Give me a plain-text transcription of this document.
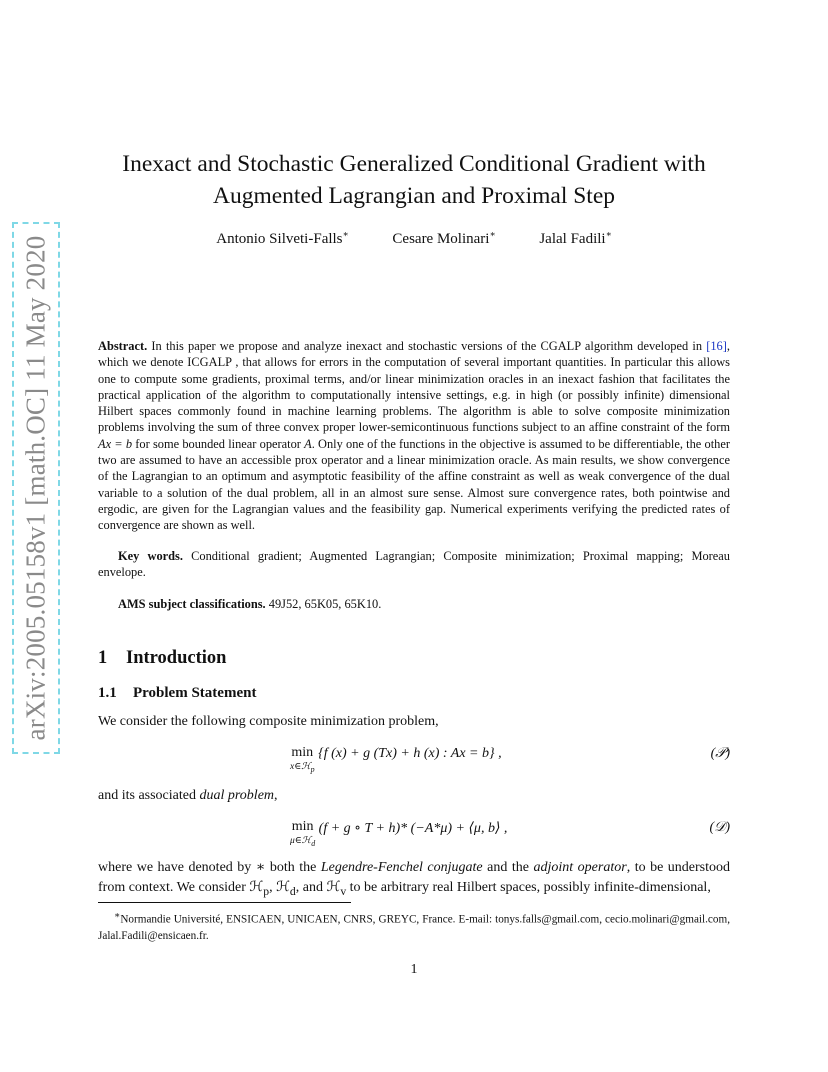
arXiv:2005.05158v1 [math.OC] 11 May 2020
Inexact and Stochastic Generalized Conditional Gradient with
Augmented Lagrangian and Proximal Step
Antonio Silveti-Falls∗	Cesare Molinari∗	Jalal Fadili∗
Abstract. In this paper we propose and analyze inexact and stochastic versions of the CGALP algorithm developed in [16], which we denote ICGALP , that allows for errors in the computation of several important quantities. In particular this allows one to compute some gradients, proximal terms, and/or linear minimization oracles in an inexact fashion that facilitates the practical application of the algorithm to computationally intensive settings, e.g. in high (or possibly infinite) dimensional Hilbert spaces commonly found in machine learning problems. The algorithm is able to solve composite minimization problems involving the sum of three convex proper lower-semicontinuous functions subject to an affine constraint of the form Ax = b for some bounded linear operator A. Only one of the functions in the objective is assumed to be differentiable, the other two are assumed to have an accessible prox operator and a linear minimization oracle. As main results, we show convergence of the Lagrangian to an optimum and asymptotic feasibility of the affine constraint as well as weak convergence of the dual variable to a solution of the dual problem, all in an almost sure sense. Almost sure convergence rates, both pointwise and ergodic, are given for the Lagrangian values and the feasibility gap. Numerical experiments verifying the predicted rates of convergence are shown as well.
Key words. Conditional gradient; Augmented Lagrangian; Composite minimization; Proximal mapping; Moreau envelope.
AMS subject classifications. 49J52, 65K05, 65K10.
1 Introduction
1.1 Problem Statement
We consider the following composite minimization problem,
min
x∈ℋ$_p$
{f (x) + g (Tx) + h (x) : Ax = b} ,	(𝒫)
and its associated dual problem,
min
μ∈ℋ$_d$
(f + g ∘ T + h)* (−A*μ) + ⟨μ, b⟩ ,	(𝒟)
where we have denoted by ∗ both the Legendre-Fenchel conjugate and the adjoint operator, to be understood from context. We consider ℋ$_p$, ℋ$_d$, and ℋ$_v$ to be arbitrary real Hilbert spaces, possibly infinite-dimensional,
∗Normandie Université, ENSICAEN, UNICAEN, CNRS, GREYC, France. E-mail: tonys.falls@gmail.com, cecio.molinari@gmail.com, Jalal.Fadili@ensicaen.fr.
1
